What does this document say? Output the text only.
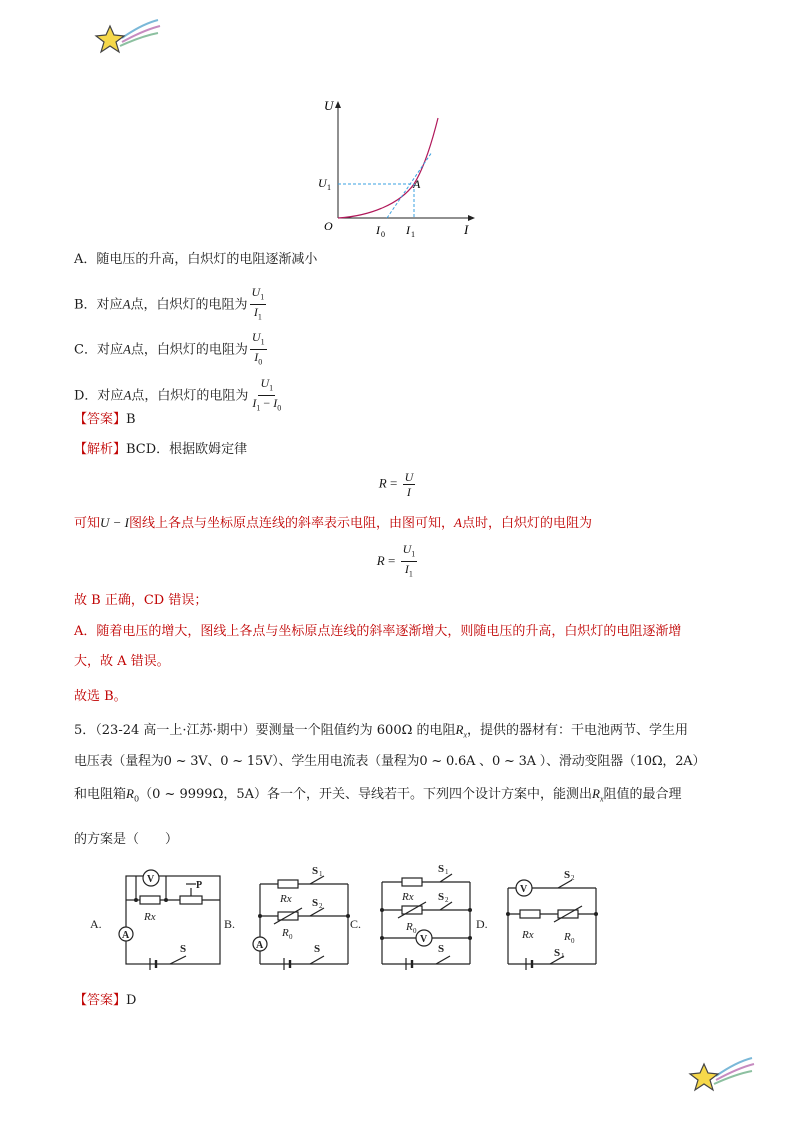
U
I
O
U 1	A
I 0 I 1
A．随电压的升高，白炽灯的电阻逐渐减小
B．对应A点，白炽灯的电阻为 $\frac{U_1}{I_1}$
C．对应A点，白炽灯的电阻为 $\frac{U_1}{I_0}$
D．对应A点，白炽灯的电阻为 $\frac{U_1}{I_1 - I_0}$
【答案】B
【解析】BCD．根据欧姆定律
$R = \frac{U}{I}$
可知U − I图线上各点与坐标原点连线的斜率表示电阻，由图可知，A点时，白炽灯的电阻为
$R = \frac{U_1}{I_1}$
故 B 正确，CD 错误；
A．随着电压的增大，图线上各点与坐标原点连线的斜率逐渐增大，则随电压的升高，白炽灯的电阻逐渐增
大，故 A 错误。
故选 B。
5．（23-24 高一上·江苏·期中）要测量一个阻值约为 600Ω 的电阻$R_x$，提供的器材有：干电池两节、学生用
电压表（量程为0 ~ 3V、0 ~ 15V）、学生用电流表（量程为0 ~ 0.6A 、0 ~ 3A ）、滑动变阻器（10Ω，2A）
和电阻箱$R_0(0$ ~ 9999Ω，5A）各一个，开关、导线若干。下列四个设计方案中，能测出$R_x$阻值的最合理
的方案是（　　）
A.
V
P
Rx
A
S
B.
Rx
S 1
S 2
R 0
A	S
C.
S 1
Rx S 2
R 0
V
S
D.
V
S 2
Rx	R 0
S 1
【答案】D
